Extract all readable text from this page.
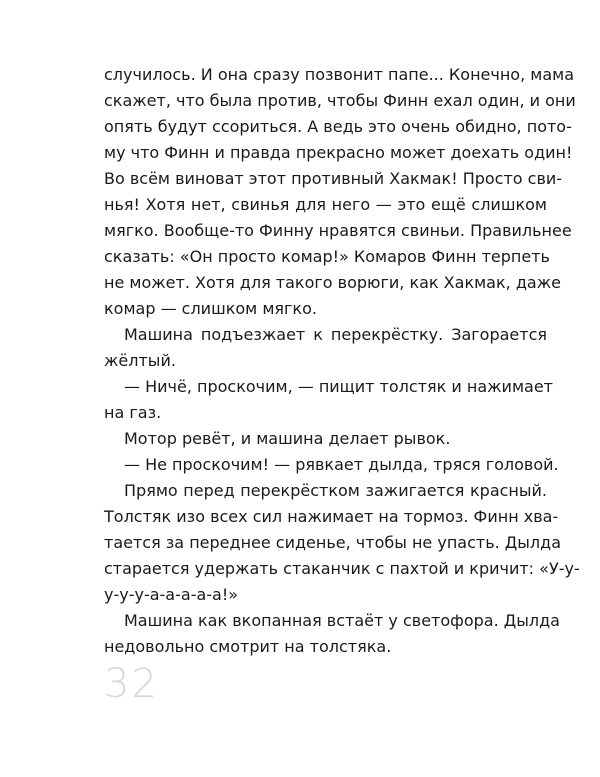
случилось. И она сразу позвонит папе... Конечно, мама
скажет, что была против, чтобы Финн ехал один, и они
опять будут ссориться. А ведь это очень обидно, пото-
му что Финн и правда прекрасно может доехать один!
Во всём виноват этот противный Хакмак! Просто сви-
нья! Хотя нет, свинья для него — это ещё слишком
мягко. Вообще-то Финну нравятся свиньи. Правильнее
сказать: «Он просто комар!» Комаров Финн терпеть
не может. Хотя для такого ворюги, как Хакмак, даже
комар — слишком мягко.
Машина подъезжает к перекрёстку. Загорается
жёлтый.
— Ничё, проскочим, — пищит толстяк и нажимает
на газ.
Мотор ревёт, и машина делает рывок.
— Не проскочим! — рявкает дылда, тряся головой.
Прямо перед перекрёстком зажигается красный.
Толстяк изо всех сил нажимает на тормоз. Финн хва-
тается за переднее сиденье, чтобы не упасть. Дылда
старается удержать стаканчик с пахтой и кричит: «У-у-
у-у-у-а-а-а-а-а!»
Машина как вкопанная встаёт у светофора. Дылда
недовольно смотрит на толстяка.
32
